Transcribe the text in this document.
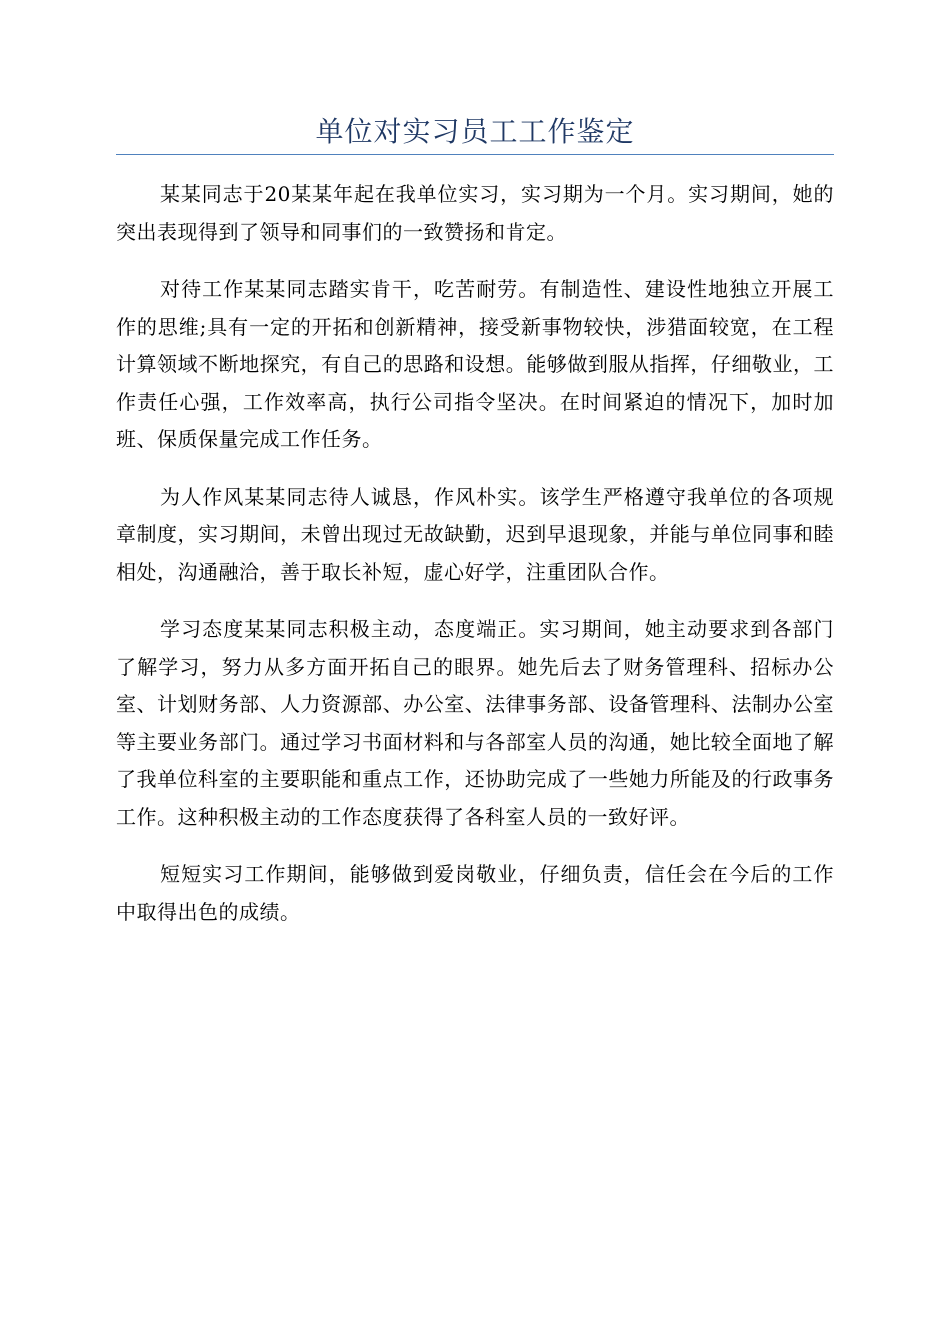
单位对实习员工工作鉴定

某某同志于20某某年起在我单位实习，实习期为一个月。实习期间，她的突出表现得到了领导和同事们的一致赞扬和肯定。

对待工作某某同志踏实肯干，吃苦耐劳。有制造性、建设性地独立开展工作的思维;具有一定的开拓和创新精神，接受新事物较快，涉猎面较宽，在工程计算领域不断地探究，有自己的思路和设想。能够做到服从指挥，仔细敬业，工作责任心强，工作效率高，执行公司指令坚决。在时间紧迫的情况下，加时加班、保质保量完成工作任务。

为人作风某某同志待人诚恳，作风朴实。该学生严格遵守我单位的各项规章制度，实习期间，未曾出现过无故缺勤，迟到早退现象，并能与单位同事和睦相处，沟通融洽，善于取长补短，虚心好学，注重团队合作。

学习态度某某同志积极主动，态度端正。实习期间，她主动要求到各部门了解学习，努力从多方面开拓自己的眼界。她先后去了财务管理科、招标办公室、计划财务部、人力资源部、办公室、法律事务部、设备管理科、法制办公室等主要业务部门。通过学习书面材料和与各部室人员的沟通，她比较全面地了解了我单位科室的主要职能和重点工作，还协助完成了一些她力所能及的行政事务工作。这种积极主动的工作态度获得了各科室人员的一致好评。

短短实习工作期间，能够做到爱岗敬业，仔细负责，信任会在今后的工作中取得出色的成绩。
